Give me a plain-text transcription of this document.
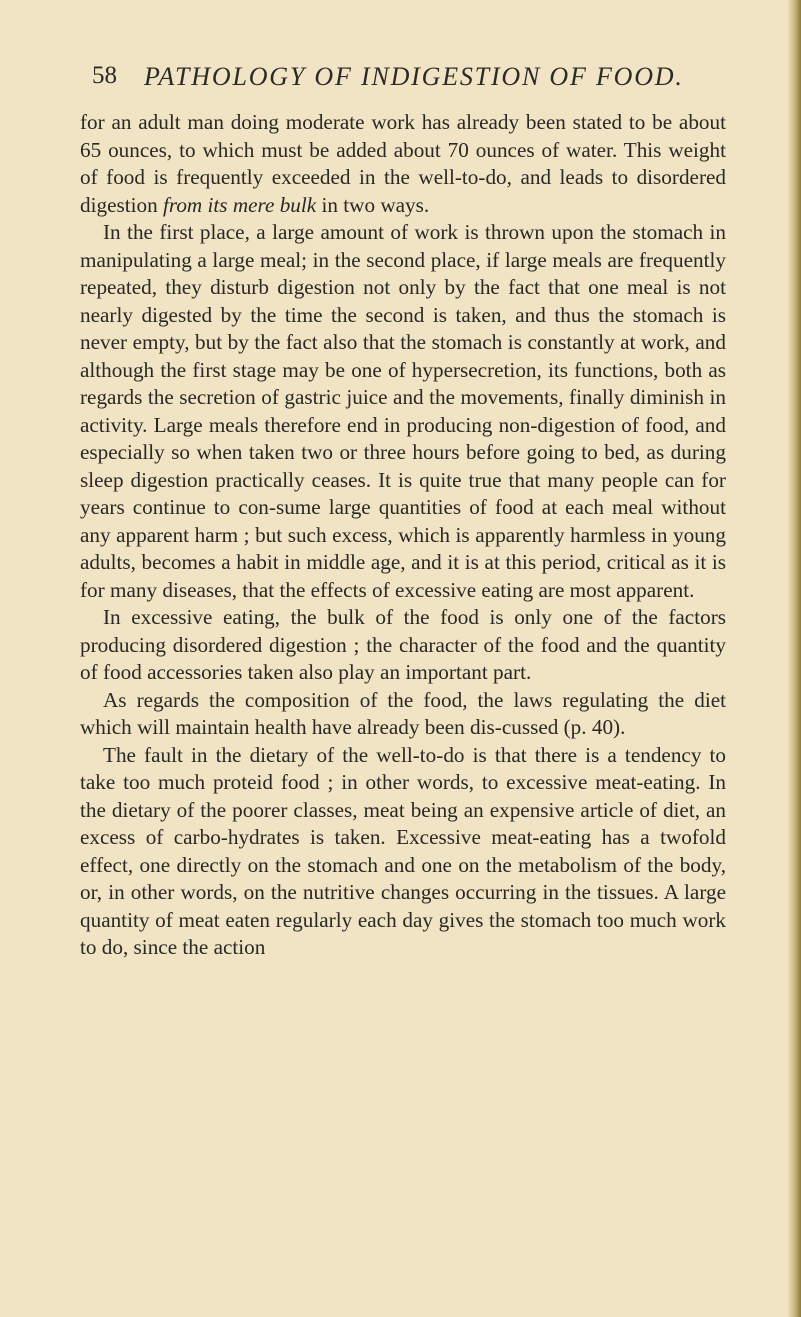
58 PATHOLOGY OF INDIGESTION OF FOOD.

for an adult man doing moderate work has already been stated to be about 65 ounces, to which must be added about 70 ounces of water. This weight of food is frequently exceeded in the well-to-do, and leads to disordered digestion from its mere bulk in two ways.

In the first place, a large amount of work is thrown upon the stomach in manipulating a large meal; in the second place, if large meals are frequently repeated, they disturb digestion not only by the fact that one meal is not nearly digested by the time the second is taken, and thus the stomach is never empty, but by the fact also that the stomach is constantly at work, and although the first stage may be one of hypersecretion, its functions, both as regards the secretion of gastric juice and the movements, finally diminish in activity. Large meals therefore end in producing non-digestion of food, and especially so when taken two or three hours before going to bed, as during sleep digestion practically ceases. It is quite true that many people can for years continue to con-sume large quantities of food at each meal without any apparent harm ; but such excess, which is apparently harmless in young adults, becomes a habit in middle age, and it is at this period, critical as it is for many diseases, that the effects of excessive eating are most apparent.

In excessive eating, the bulk of the food is only one of the factors producing disordered digestion ; the character of the food and the quantity of food accessories taken also play an important part.

As regards the composition of the food, the laws regulating the diet which will maintain health have already been dis-cussed (p. 40).

The fault in the dietary of the well-to-do is that there is a tendency to take too much proteid food ; in other words, to excessive meat-eating. In the dietary of the poorer classes, meat being an expensive article of diet, an excess of carbo-hydrates is taken. Excessive meat-eating has a twofold effect, one directly on the stomach and one on the metabolism of the body, or, in other words, on the nutritive changes occurring in the tissues. A large quantity of meat eaten regularly each day gives the stomach too much work to do, since the action
